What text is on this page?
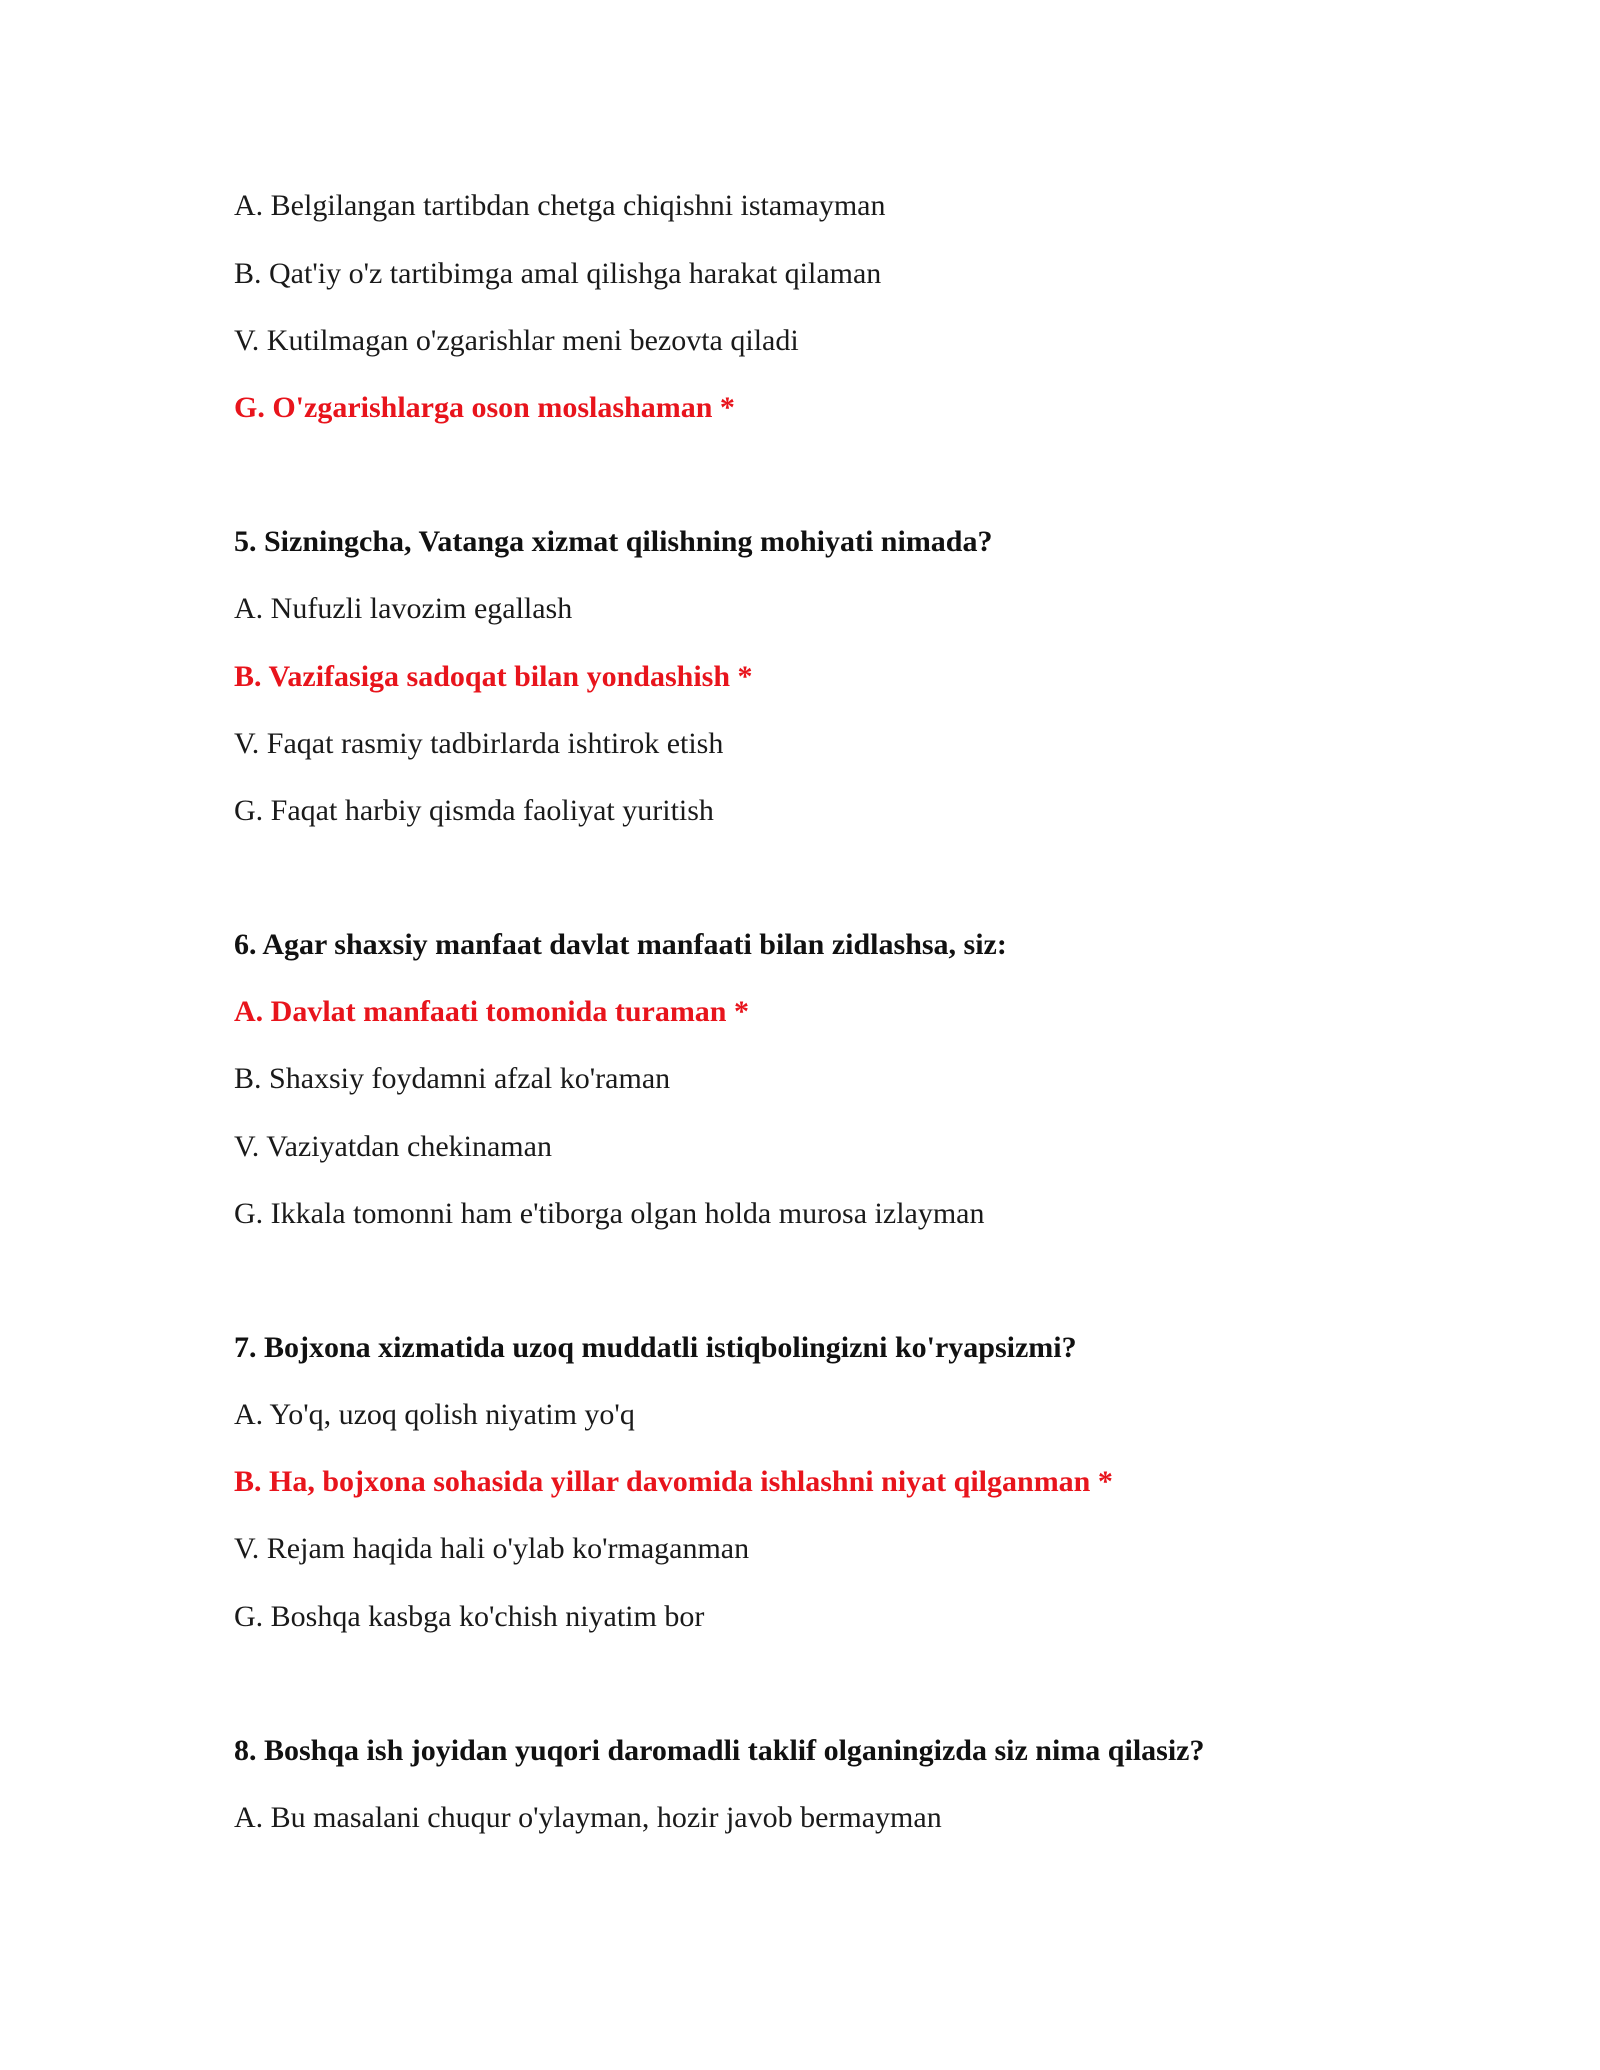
A. Belgilangan tartibdan chetga chiqishni istamayman
B. Qat'iy o'z tartibimga amal qilishga harakat qilaman
V. Kutilmagan o'zgarishlar meni bezovta qiladi
G. O'zgarishlarga oson moslashaman *
5. Sizningcha, Vatanga xizmat qilishning mohiyati nimada?
A. Nufuzli lavozim egallash
B. Vazifasiga sadoqat bilan yondashish *
V. Faqat rasmiy tadbirlarda ishtirok etish
G. Faqat harbiy qismda faoliyat yuritish
6. Agar shaxsiy manfaat davlat manfaati bilan zidlashsa, siz:
A. Davlat manfaati tomonida turaman *
B. Shaxsiy foydamni afzal ko'raman
V. Vaziyatdan chekinaman
G. Ikkala tomonni ham e'tiborga olgan holda murosa izlayman
7. Bojxona xizmatida uzoq muddatli istiqbolingizni ko'ryapsizmi?
A. Yo'q, uzoq qolish niyatim yo'q
B. Ha, bojxona sohasida yillar davomida ishlashni niyat qilganman *
V. Rejam haqida hali o'ylab ko'rmaganman
G. Boshqa kasbga ko'chish niyatim bor
8. Boshqa ish joyidan yuqori daromadli taklif olganingizda siz nima qilasiz?
A. Bu masalani chuqur o'ylayman, hozir javob bermayman
